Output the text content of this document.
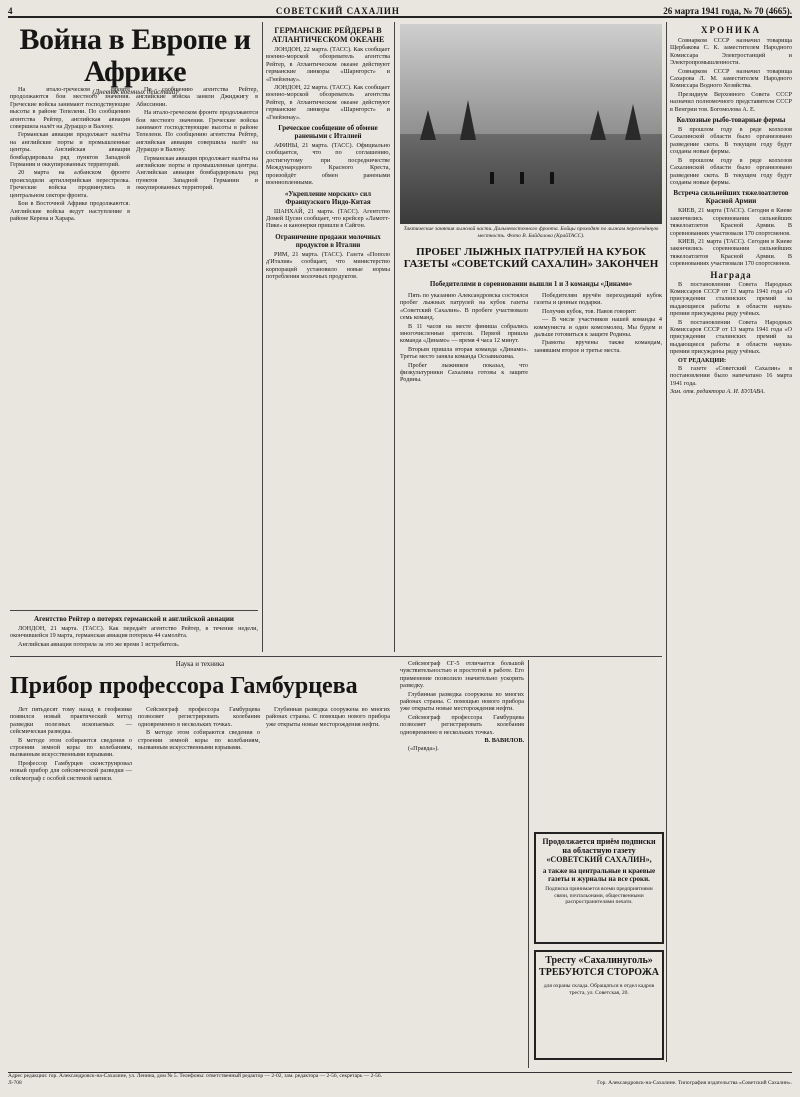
4	СОВЕТСКИЙ САХАЛИН	26 марта 1941 года, № 70 (4665).
Война в Европе и Африке
(Дневник военных действий)

На итало-греческом фронте продолжаются бои местного значения. Греческие войска занимают господствующие высоты в районе Тепелени. По сообщению агентства Рейтер, английская авиация совершила налёт на Дураццо и Валону.

Германская авиация продолжает налёты на английские порты и промышленные центры. Английская авиация бомбардировала ряд пунктов Западной Германии и оккупированных территорий.

20 марта на албанском фронте происходили артиллерийская перестрелка. Греческие войска продвинулись в центральном секторе фронта.

Бои в Восточной Африке продолжаются. Английские войска ведут наступление в районе Керена и Харара.

По сообщению агентства Рейтер, английские войска заняли Джиджигу в Абиссинии.

На итало-греческом фронте продолжаются бои местного значения. Греческие войска занимают господствующие высоты в районе Тепелени. По сообщению агентства Рейтер, английская авиация совершила налёт на Дураццо и Валону.

Германская авиация продолжает налёты на английские порты и промышленные центры. Английская авиация бомбардировала ряд пунктов Западной Германии и оккупированных территорий.

Агентство Рейтер о потерях германской и английской авиации

ЛОНДОН, 21 марта. (ТАСС). Как передаёт агентство Рейтер, в течение недели, окончившейся 19 марта, германская авиация потеряла 44 самолёта.

Английская авиация потеряла за это же время 1 истребитель.

ГЕРМАНСКИЕ РЕЙДЕРЫ В АТЛАНТИЧЕСКОМ ОКЕАНЕ

ЛОНДОН, 22 марта. (ТАСС). Как сообщает военно-морской обозреватель агентства Рейтер, в Атлантическом океане действуют германские линкоры «Шарнгорст» и «Гнейзенау».

ЛОНДОН, 22 марта. (ТАСС). Как сообщает военно-морской обозреватель агентства Рейтер, в Атлантическом океане действуют германские линкоры «Шарнгорст» и «Гнейзенау».

Греческое сообщение об обмене ранеными с Италией

АФИНЫ, 21 марта. (ТАСС). Официально сообщается, что по соглашению, достигнутому при посредничестве Международного Красного Креста, произойдёт обмен ранеными военнопленными.

«Укрепление морских» сил Французского Индо-Китая

ШАНХАЙ, 21 марта. (ТАСС). Агентство Домей Цусин сообщает, что крейсер «Ламотт-Пике» и канонерки пришли в Сайгон.

Ограничение продажи молочных продуктов в Италии

РИМ, 21 марта. (ТАСС). Газета «Пополо д'Италия» сообщает, что министерство корпораций установило новые нормы потребления молочных продуктов.

Тактические занятия лыжной части. Дальневосточного фронта. Бойцы проходят по лыжам пересечённую местность. Фото В. Байдалова (КрайТАСС).
ПРОБЕГ ЛЫЖНЫХ ПАТРУЛЕЙ НА КУБОК ГАЗЕТЫ «СОВЕТСКИЙ САХАЛИН» ЗАКОНЧЕН
Победителями в соревновании вышли 1 и 3 команды «Динамо»

Пять по указанию Александровска состоялся пробег лыжных патрулей на кубок газеты «Советский Сахалин». В пробеге участвовало семь команд.

В 11 часов на месте финиша собрались многочисленные зрители. Первой пришла команда «Динамо» — время 4 часа 12 минут.

Вторым пришла вторая команда «Динамо». Третье место заняла команда Осоавиахима.

Пробег лыжников показал, что физкультурники Сахалина готовы к защите Родины.

Победителям вручён переходящий кубок газеты и ценные подарки.

Получив кубок, тов. Навов говорит:

— В числе участников нашей команды 4 коммуниста и один комсомолец. Мы будем и дальше готовиться к защите Родины.

Грамоты вручены также командам, занявшим второе и третье места.

ХРОНИКА

Совнарком СССР назначил товарища Щербакова С. К. заместителем Народного Комиссара Электростанций и Электропромышленности.

Совнарком СССР назначил товарища Сахарова Л. М. заместителем Народного Комиссара Водного Хозяйства.

Президиум Верховного Совета СССР назначил полномочного представителя СССР в Венгрии тов. Богомолова А. Е.

Колхозные рыбо-товарные фермы

В прошлом году в ряде колхозов Сахалинской области было организовано разведение скота. В текущем году будут созданы новые фермы.

В прошлом году в ряде колхозов Сахалинской области было организовано разведение скота. В текущем году будут созданы новые фермы.

Встреча сильнейших тяжелоатлетов Красной Армии

КИЕВ, 21 марта (ТАСС). Сегодня в Киеве закончились соревнования сильнейших тяжелоатлетов Красной Армии. В соревнованиях участвовали 170 спортсменов.

КИЕВ, 21 марта (ТАСС). Сегодня в Киеве закончились соревнования сильнейших тяжелоатлетов Красной Армии. В соревнованиях участвовали 170 спортсменов.

Награда

В постановлении Совета Народных Комиссаров СССР от 13 марта 1941 года «О присуждении сталинских премий за выдающиеся работы в области науки» премии присуждены ряду учёных.

В постановлении Совета Народных Комиссаров СССР от 13 марта 1941 года «О присуждении сталинских премий за выдающиеся работы в области науки» премии присуждены ряду учёных.

ОТ РЕДАКЦИИ:

В газете «Советский Сахалин» в постановлении было напечатано 16 марта 1941 года.

Зам. отв. редактора А. И. БУЛАВА.

Наука и техника
Прибор профессора Гамбурцева

Лет пятьдесят тому назад в геофизике появился новый практический метод разведки полезных ископаемых — сейсмическая разведка.

В методе этом собираются сведения о строении земной коры по колебаниям, вызванным искусственными взрывами.

Профессор Гамбурцев сконструировал новый прибор для сейсмической разведки — сейсмограф с особой системой записи.

Сейсмограф профессора Гамбурцева позволяет регистрировать колебания одновременно в нескольких точках.

В методе этом собираются сведения о строении земной коры по колебаниям, вызванным искусственными взрывами.

Глубинная разведка сооружена во многих районах страны. С помощью нового прибора уже открыты новые месторождения нефти.

Сейсмограф СГ-5 отличается большой чувствительностью и простотой в работе. Его применение позволило значительно ускорить разведку.

Глубинная разведка сооружена во многих районах страны. С помощью нового прибора уже открыты новые месторождения нефти.

Сейсмограф профессора Гамбурцева позволяет регистрировать колебания одновременно в нескольких точках.

В. ВАВИЛОВ.

(«Правда»).

Продолжается приём подписки на областную газету «СОВЕТСКИЙ САХАЛИН»,
а также на центральные и краевые газеты и журналы на все сроки.
Подписка принимается всеми предприятиями связи, почтальонами, общественными распространителями печати.
Тресту «Сахалинуголь» ТРЕБУЮТСЯ СТОРОЖА
для охраны склада. Обращаться в отдел кадров треста, ул. Советская, 20.
Адрес редакции: гор. Александровск-на-Сахалине, ул. Ленина, дом № 5. Телефоны: ответственный редактор — 2-02, зам. редактора — 2-56, секретарь — 2-56.
Л-708	Гор. Александровск-на-Сахалине. Типография издательства «Советский Сахалин».
